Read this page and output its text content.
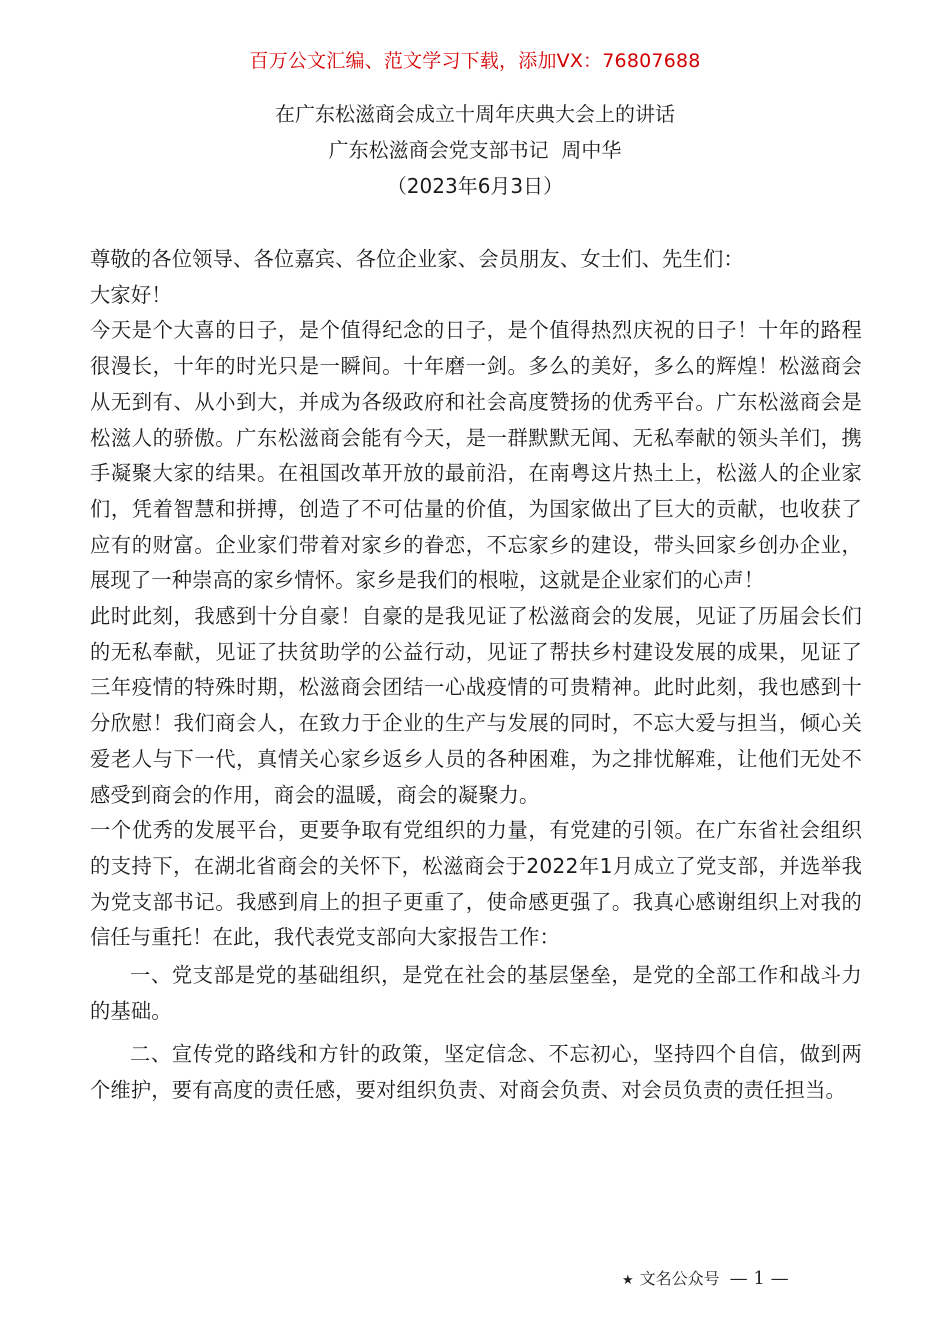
百万公文汇编、范文学习下载，添加VX：76807688
在广东松滋商会成立十周年庆典大会上的讲话
广东松滋商会党支部书记  周中华
（2023年6月3日）

尊敬的各位领导、各位嘉宾、各位企业家、会员朋友、女士们、先生们：

大家好！

今天是个大喜的日子，是个值得纪念的日子，是个值得热烈庆祝的日子！十年的路程很漫长，十年的时光只是一瞬间。十年磨一剑。多么的美好，多么的辉煌！松滋商会从无到有、从小到大，并成为各级政府和社会高度赞扬的优秀平台。广东松滋商会是松滋人的骄傲。广东松滋商会能有今天，是一群默默无闻、无私奉献的领头羊们，携手凝聚大家的结果。在祖国改革开放的最前沿，在南粤这片热土上，松滋人的企业家们，凭着智慧和拼搏，创造了不可估量的价值，为国家做出了巨大的贡献，也收获了应有的财富。企业家们带着对家乡的眷恋，不忘家乡的建设，带头回家乡创办企业，展现了一种崇高的家乡情怀。家乡是我们的根啦，这就是企业家们的心声！

此时此刻，我感到十分自豪！自豪的是我见证了松滋商会的发展，见证了历届会长们的无私奉献，见证了扶贫助学的公益行动，见证了帮扶乡村建设发展的成果，见证了三年疫情的特殊时期，松滋商会团结一心战疫情的可贵精神。此时此刻，我也感到十分欣慰！我们商会人，在致力于企业的生产与发展的同时，不忘大爱与担当，倾心关爱老人与下一代，真情关心家乡返乡人员的各种困难，为之排忧解难，让他们无处不感受到商会的作用，商会的温暖，商会的凝聚力。

一个优秀的发展平台，更要争取有党组织的力量，有党建的引领。在广东省社会组织的支持下，在湖北省商会的关怀下，松滋商会于2022年1月成立了党支部，并选举我为党支部书记。我感到肩上的担子更重了，使命感更强了。我真心感谢组织上对我的信任与重托！在此，我代表党支部向大家报告工作：

一、党支部是党的基础组织，是党在社会的基层堡垒，是党的全部工作和战斗力的基础。

二、宣传党的路线和方针的政策，坚定信念、不忘初心，坚持四个自信，做到两个维护，要有高度的责任感，要对组织负责、对商会负责、对会员负责的责任担当。

★ 文名公众号 — 1 —
